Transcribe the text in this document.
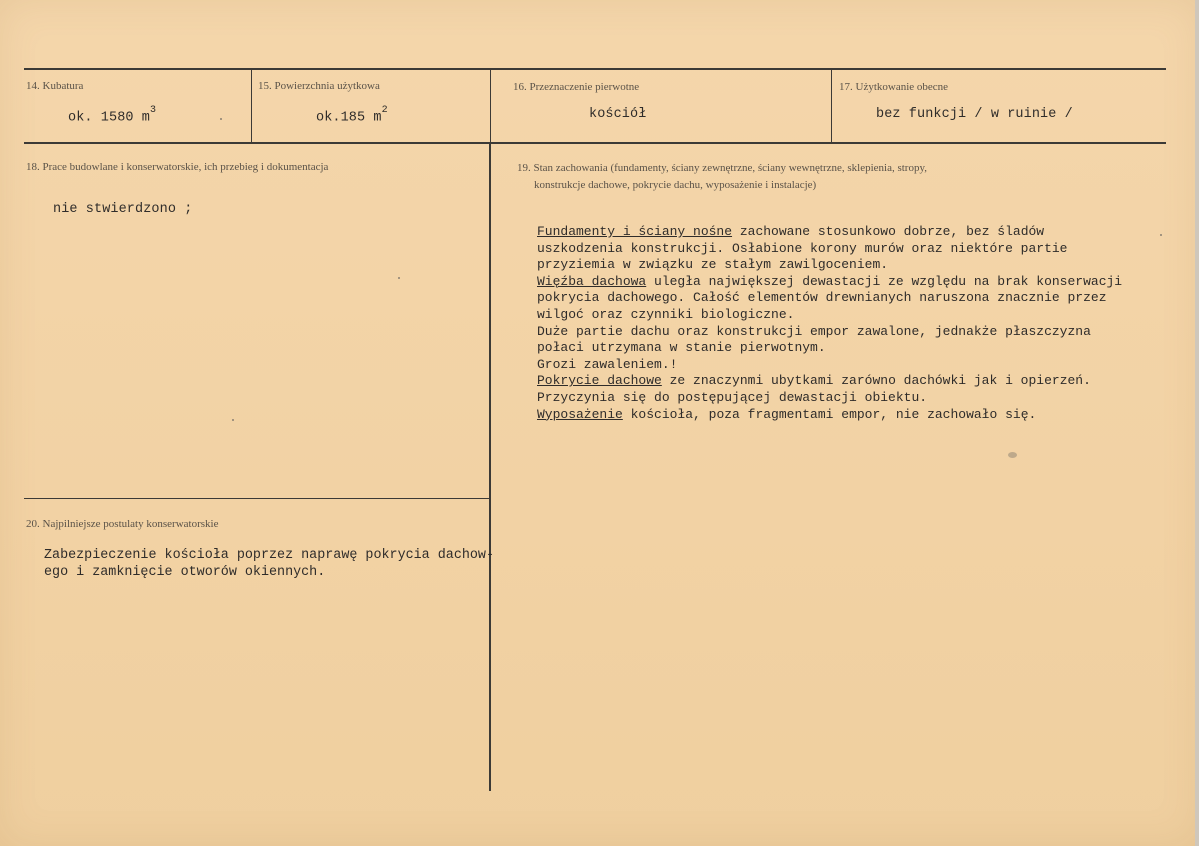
14. Kubatura
ok. 1580 $m^3$
15. Powierzchnia użytkowa
ok.185 $m^2$
16. Przeznaczenie pierwotne
kościół
17. Użytkowanie obecne
bez funkcji / w ruinie /
18. Prace budowlane i konserwatorskie, ich przebieg i dokumentacja
nie stwierdzono ;
19. Stan zachowania (fundamenty, ściany zewnętrzne, ściany wewnętrzne, sklepienia, stropy,
konstrukcje dachowe, pokrycie dachu, wyposażenie i instalacje)
Fundamenty i ściany nośne zachowane stosunkowo dobrze, bez śladów
uszkodzenia konstrukcji. Osłabione korony murów oraz niektóre partie
przyziemia w związku ze stałym zawilgoceniem.
Więźba dachowa uległa największej dewastacji ze względu na brak konserwacji
pokrycia dachowego. Całość elementów drewnianych naruszona znacznie przez
wilgoć oraz czynniki biologiczne.
Duże partie dachu oraz konstrukcji empor zawalone, jednakże płaszczyzna
połaci utrzymana w stanie pierwotnym.
Grozi zawaleniem.!
Pokrycie dachowe ze znaczynmi ubytkami zarówno dachówki jak i opierzeń.
Przyczynia się do postępującej dewastacji obiektu.
Wyposażenie kościoła, poza fragmentami empor, nie zachowało się.
20. Najpilniejsze postulaty konserwatorskie
Zabezpieczenie kościoła poprzez naprawę pokrycia dachow-
ego i zamknięcie otworów okiennych.
